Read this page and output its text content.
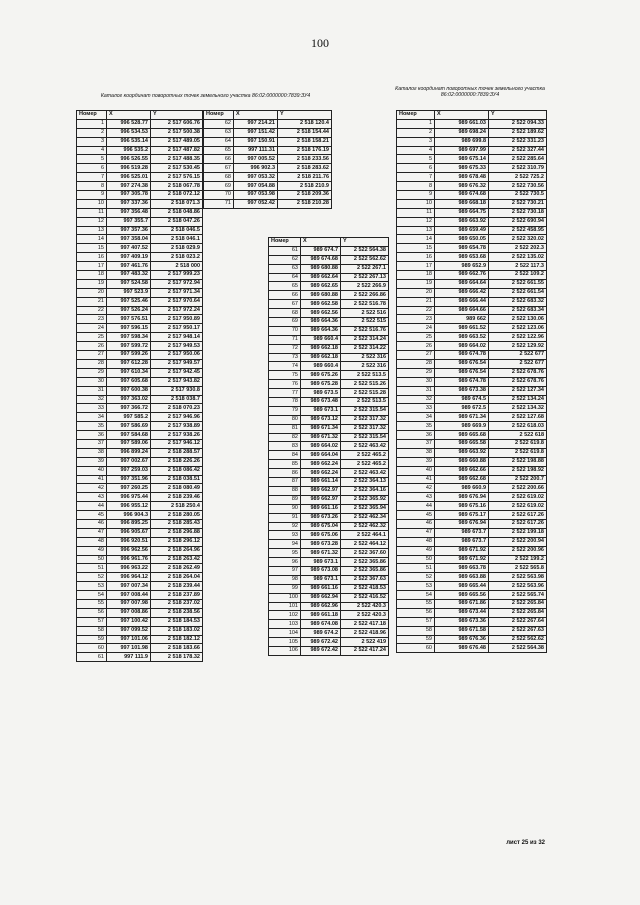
100
Каталог координат поворотных точек земельного участка 86:02:0000000:7839:ЗУ4
Каталог координат поворотных точек земельного участка 86:02:0000000:7839:ЗУ4
Номер	X	Y
1	996 528.77	2 517 606.76
2	996 534.53	2 517 500.38
3	996 535.14	2 517 489.05
4	996 535.2	2 517 487.82
5	996 526.55	2 517 488.35
6	996 519.28	2 517 530.45
7	996 525.01	2 517 576.15
8	997 274.38	2 518 067.78
9	997 305.78	2 518 072.12
10	997 337.36	2 518 071.3
11	997 356.48	2 518 048.86
12	997 355.7	2 518 047.26
13	997 357.36	2 518 046.5
14	997 358.04	2 518 046.1
15	997 407.52	2 518 029.9
16	997 409.19	2 518 023.2
17	997 461.76	2 518 000
18	997 483.32	2 517 999.23
19	997 524.58	2 517 972.94
20	997 523.9	2 517 971.34
21	997 525.46	2 517 970.64
22	997 526.24	2 517 972.24
23	997 576.51	2 517 950.89
24	997 596.15	2 517 950.17
25	997 598.34	2 517 948.14
26	997 599.72	2 517 949.53
27	997 599.26	2 517 950.06
28	997 612.28	2 517 949.57
29	997 610.34	2 517 942.45
30	997 605.68	2 517 943.82
31	997 600.38	2 517 930.8
32	997 363.02	2 518 038.7
33	997 366.72	2 518 070.23
34	997 585.2	2 517 946.96
35	997 586.69	2 517 938.89
36	997 584.68	2 517 938.26
37	997 589.06	2 517 946.12
38	996 899.24	2 518 288.57
39	997 002.67	2 518 226.26
40	997 259.03	2 518 086.42
41	997 351.96	2 518 038.51
42	997 260.25	2 518 080.49
43	996 975.44	2 518 239.46
44	996 955.12	2 518 250.4
45	996 904.3	2 518 280.05
46	996 895.25	2 518 285.43
47	996 905.67	2 518 296.88
48	996 920.51	2 518 296.12
49	996 962.56	2 518 264.96
50	996 961.76	2 518 263.42
51	996 963.22	2 518 262.49
52	996 964.12	2 518 264.04
53	997 007.34	2 518 239.44
54	997 008.44	2 518 237.89
55	997 007.98	2 518 237.02
56	997 008.86	2 518 238.56
57	997 100.42	2 518 184.53
58	997 099.52	2 518 183.02
59	997 101.06	2 518 182.12
60	997 101.98	2 518 183.66
61	997 111.9	2 518 178.32
Номер	X	Y
62	997 214.21	2 518 120.4
63	997 151.42	2 518 154.44
64	997 150.91	2 518 158.21
65	997 111.31	2 518 176.19
66	997 005.52	2 518 233.56
67	996 902.3	2 518 283.62
68	997 053.32	2 518 211.76
69	997 054.88	2 518 210.9
70	997 053.98	2 518 209.36
71	997 052.42	2 518 210.28
Номер	X	Y
61	989 674.7	2 522 564.38
62	989 674.68	2 522 562.62
63	989 680.88	2 522 267.1
64	989 662.64	2 522 267.13
65	989 662.65	2 522 266.9
66	989 680.88	2 522 266.86
67	989 662.58	2 522 516.78
68	989 662.56	2 522 516
69	989 664.36	2 522 515
70	989 664.36	2 522 516.76
71	989 660.4	2 522 314.24
72	989 662.18	2 522 314.22
73	989 662.18	2 522 316
74	989 660.4	2 522 316
75	989 675.26	2 522 513.5
76	989 675.28	2 522 515.26
77	989 673.5	2 522 515.28
78	989 673.48	2 522 513.5
79	989 673.1	2 522 315.54
80	989 673.12	2 522 317.32
81	989 671.34	2 522 317.32
82	989 671.32	2 522 315.54
83	989 664.02	2 522 463.42
84	989 664.04	2 522 465.2
85	989 662.24	2 522 465.2
86	989 662.24	2 522 463.42
87	989 661.14	2 522 364.13
88	989 662.97	2 522 364.16
89	989 662.97	2 522 365.92
90	989 661.16	2 522 365.94
91	989 673.26	2 522 462.34
92	989 675.04	2 522 462.32
93	989 675.06	2 522 464.1
94	989 673.28	2 522 464.12
95	989 671.32	2 522 367.60
96	989 673.1	2 522 365.86
97	989 673.08	2 522 365.86
98	989 673.1	2 522 367.63
99	989 661.16	2 522 418.53
100	989 662.94	2 522 416.52
101	989 662.96	2 522 420.3
102	989 661.18	2 522 420.3
103	989 674.08	2 522 417.18
104	989 674.2	2 522 418.96
105	989 672.42	2 522 419
106	989 672.42	2 522 417.24
Номер	X	Y
1	989 661.03	2 522 094.33
2	989 698.24	2 522 189.62
3	989 699.8	2 522 331.23
4	989 697.99	2 522 327.44
5	989 675.14	2 522 285.64
6	989 675.33	2 522 310.79
7	989 678.48	2 522 725.2
8	989 676.32	2 522 730.56
9	989 674.68	2 522 730.5
10	989 668.18	2 522 730.21
11	989 664.75	2 522 730.18
12	989 663.92	2 522 690.94
13	989 659.49	2 522 458.95
14	989 650.05	2 522 320.02
15	989 654.78	2 522 202.3
16	989 653.68	2 522 135.02
17	989 652.9	2 522 117.3
18	989 662.76	2 522 109.2
19	989 664.64	2 522 661.55
20	989 666.42	2 522 661.54
21	989 666.44	2 522 683.32
22	989 664.66	2 522 683.34
23	989 662	2 522 130.06
24	989 661.52	2 522 123.06
25	989 663.52	2 522 122.96
26	989 664.02	2 522 129.92
27	989 674.78	2 522 677
28	989 676.54	2 522 677
29	989 676.54	2 522 678.76
30	989 674.78	2 522 678.76
31	989 673.38	2 522 127.34
32	989 674.5	2 522 134.24
33	989 672.5	2 522 134.32
34	989 671.34	2 522 127.68
35	989 669.9	2 522 618.03
36	989 665.68	2 522 618
37	989 665.58	2 522 619.8
38	989 663.92	2 522 619.8
39	989 660.88	2 522 198.88
40	989 662.66	2 522 198.92
41	989 662.68	2 522 200.7
42	989 660.9	2 522 200.66
43	989 676.94	2 522 619.02
44	989 675.16	2 522 619.02
45	989 675.17	2 522 617.26
46	989 676.94	2 522 617.26
47	989 673.7	2 522 199.18
48	989 673.7	2 522 200.94
49	989 671.92	2 522 200.96
50	989 671.92	2 522 199.2
51	989 663.78	2 522 565.8
52	989 663.88	2 522 563.98
53	989 665.44	2 522 563.96
54	989 665.56	2 522 565.74
55	989 671.86	2 522 265.84
56	989 673.44	2 522 265.84
57	989 673.36	2 522 267.64
58	989 671.58	2 522 267.63
59	989 676.36	2 522 562.62
60	989 676.48	2 522 564.38
лист 25 из 32
